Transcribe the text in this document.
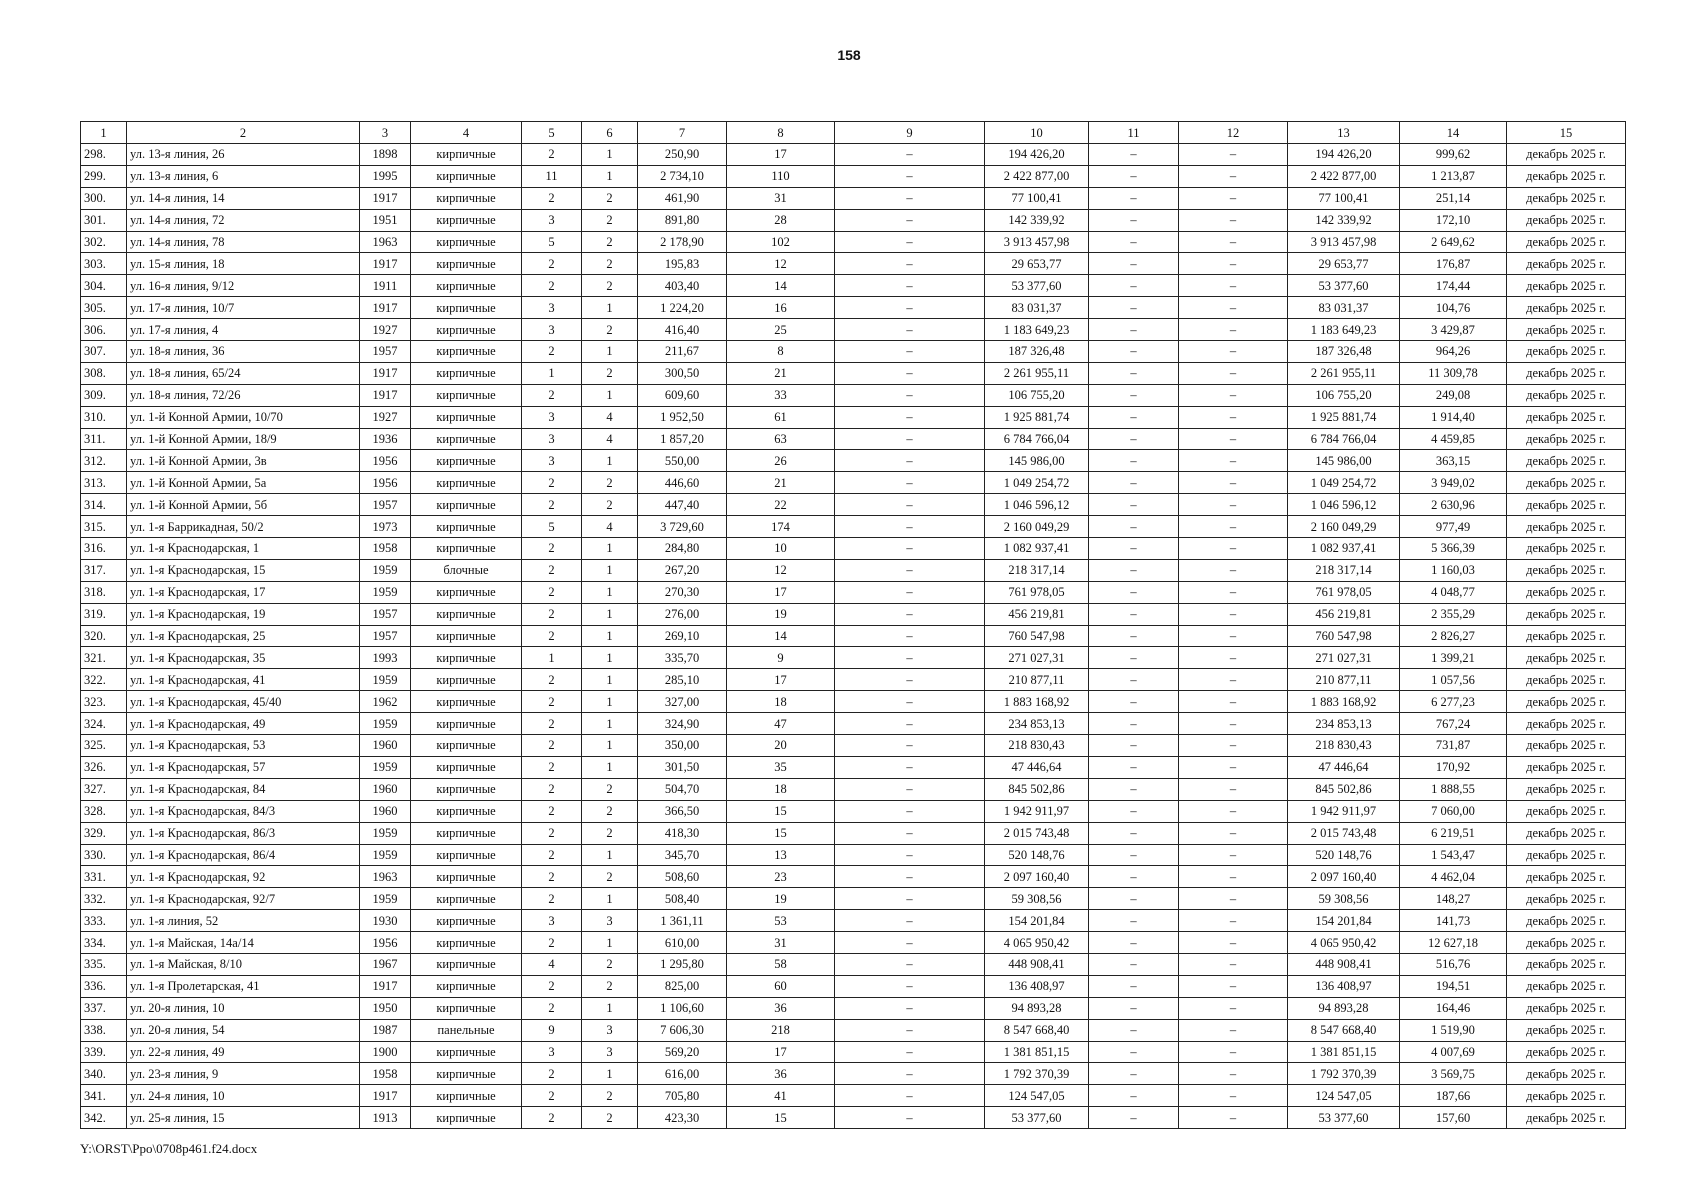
158
1	2	3	4	5	6	7	8	9	10	11	12	13	14	15
298.	ул. 13-я линия, 26	1898	кирпичные	2	1	250,90	17	–	194 426,20	–	–	194 426,20	999,62	декабрь 2025 г.
299.	ул. 13-я линия, 6	1995	кирпичные	11	1	2 734,10	110	–	2 422 877,00	–	–	2 422 877,00	1 213,87	декабрь 2025 г.
300.	ул. 14-я линия, 14	1917	кирпичные	2	2	461,90	31	–	77 100,41	–	–	77 100,41	251,14	декабрь 2025 г.
301.	ул. 14-я линия, 72	1951	кирпичные	3	2	891,80	28	–	142 339,92	–	–	142 339,92	172,10	декабрь 2025 г.
302.	ул. 14-я линия, 78	1963	кирпичные	5	2	2 178,90	102	–	3 913 457,98	–	–	3 913 457,98	2 649,62	декабрь 2025 г.
303.	ул. 15-я линия, 18	1917	кирпичные	2	2	195,83	12	–	29 653,77	–	–	29 653,77	176,87	декабрь 2025 г.
304.	ул. 16-я линия, 9/12	1911	кирпичные	2	2	403,40	14	–	53 377,60	–	–	53 377,60	174,44	декабрь 2025 г.
305.	ул. 17-я линия, 10/7	1917	кирпичные	3	1	1 224,20	16	–	83 031,37	–	–	83 031,37	104,76	декабрь 2025 г.
306.	ул. 17-я линия, 4	1927	кирпичные	3	2	416,40	25	–	1 183 649,23	–	–	1 183 649,23	3 429,87	декабрь 2025 г.
307.	ул. 18-я линия, 36	1957	кирпичные	2	1	211,67	8	–	187 326,48	–	–	187 326,48	964,26	декабрь 2025 г.
308.	ул. 18-я линия, 65/24	1917	кирпичные	1	2	300,50	21	–	2 261 955,11	–	–	2 261 955,11	11 309,78	декабрь 2025 г.
309.	ул. 18-я линия, 72/26	1917	кирпичные	2	1	609,60	33	–	106 755,20	–	–	106 755,20	249,08	декабрь 2025 г.
310.	ул. 1-й Конной Армии, 10/70	1927	кирпичные	3	4	1 952,50	61	–	1 925 881,74	–	–	1 925 881,74	1 914,40	декабрь 2025 г.
311.	ул. 1-й Конной Армии, 18/9	1936	кирпичные	3	4	1 857,20	63	–	6 784 766,04	–	–	6 784 766,04	4 459,85	декабрь 2025 г.
312.	ул. 1-й Конной Армии, 3в	1956	кирпичные	3	1	550,00	26	–	145 986,00	–	–	145 986,00	363,15	декабрь 2025 г.
313.	ул. 1-й Конной Армии, 5а	1956	кирпичные	2	2	446,60	21	–	1 049 254,72	–	–	1 049 254,72	3 949,02	декабрь 2025 г.
314.	ул. 1-й Конной Армии, 5б	1957	кирпичные	2	2	447,40	22	–	1 046 596,12	–	–	1 046 596,12	2 630,96	декабрь 2025 г.
315.	ул. 1-я Баррикадная, 50/2	1973	кирпичные	5	4	3 729,60	174	–	2 160 049,29	–	–	2 160 049,29	977,49	декабрь 2025 г.
316.	ул. 1-я Краснодарская, 1	1958	кирпичные	2	1	284,80	10	–	1 082 937,41	–	–	1 082 937,41	5 366,39	декабрь 2025 г.
317.	ул. 1-я Краснодарская, 15	1959	блочные	2	1	267,20	12	–	218 317,14	–	–	218 317,14	1 160,03	декабрь 2025 г.
318.	ул. 1-я Краснодарская, 17	1959	кирпичные	2	1	270,30	17	–	761 978,05	–	–	761 978,05	4 048,77	декабрь 2025 г.
319.	ул. 1-я Краснодарская, 19	1957	кирпичные	2	1	276,00	19	–	456 219,81	–	–	456 219,81	2 355,29	декабрь 2025 г.
320.	ул. 1-я Краснодарская, 25	1957	кирпичные	2	1	269,10	14	–	760 547,98	–	–	760 547,98	2 826,27	декабрь 2025 г.
321.	ул. 1-я Краснодарская, 35	1993	кирпичные	1	1	335,70	9	–	271 027,31	–	–	271 027,31	1 399,21	декабрь 2025 г.
322.	ул. 1-я Краснодарская, 41	1959	кирпичные	2	1	285,10	17	–	210 877,11	–	–	210 877,11	1 057,56	декабрь 2025 г.
323.	ул. 1-я Краснодарская, 45/40	1962	кирпичные	2	1	327,00	18	–	1 883 168,92	–	–	1 883 168,92	6 277,23	декабрь 2025 г.
324.	ул. 1-я Краснодарская, 49	1959	кирпичные	2	1	324,90	47	–	234 853,13	–	–	234 853,13	767,24	декабрь 2025 г.
325.	ул. 1-я Краснодарская, 53	1960	кирпичные	2	1	350,00	20	–	218 830,43	–	–	218 830,43	731,87	декабрь 2025 г.
326.	ул. 1-я Краснодарская, 57	1959	кирпичные	2	1	301,50	35	–	47 446,64	–	–	47 446,64	170,92	декабрь 2025 г.
327.	ул. 1-я Краснодарская, 84	1960	кирпичные	2	2	504,70	18	–	845 502,86	–	–	845 502,86	1 888,55	декабрь 2025 г.
328.	ул. 1-я Краснодарская, 84/3	1960	кирпичные	2	2	366,50	15	–	1 942 911,97	–	–	1 942 911,97	7 060,00	декабрь 2025 г.
329.	ул. 1-я Краснодарская, 86/3	1959	кирпичные	2	2	418,30	15	–	2 015 743,48	–	–	2 015 743,48	6 219,51	декабрь 2025 г.
330.	ул. 1-я Краснодарская, 86/4	1959	кирпичные	2	1	345,70	13	–	520 148,76	–	–	520 148,76	1 543,47	декабрь 2025 г.
331.	ул. 1-я Краснодарская, 92	1963	кирпичные	2	2	508,60	23	–	2 097 160,40	–	–	2 097 160,40	4 462,04	декабрь 2025 г.
332.	ул. 1-я Краснодарская, 92/7	1959	кирпичные	2	1	508,40	19	–	59 308,56	–	–	59 308,56	148,27	декабрь 2025 г.
333.	ул. 1-я линия, 52	1930	кирпичные	3	3	1 361,11	53	–	154 201,84	–	–	154 201,84	141,73	декабрь 2025 г.
334.	ул. 1-я Майская, 14а/14	1956	кирпичные	2	1	610,00	31	–	4 065 950,42	–	–	4 065 950,42	12 627,18	декабрь 2025 г.
335.	ул. 1-я Майская, 8/10	1967	кирпичные	4	2	1 295,80	58	–	448 908,41	–	–	448 908,41	516,76	декабрь 2025 г.
336.	ул. 1-я Пролетарская, 41	1917	кирпичные	2	2	825,00	60	–	136 408,97	–	–	136 408,97	194,51	декабрь 2025 г.
337.	ул. 20-я линия, 10	1950	кирпичные	2	1	1 106,60	36	–	94 893,28	–	–	94 893,28	164,46	декабрь 2025 г.
338.	ул. 20-я линия, 54	1987	панельные	9	3	7 606,30	218	–	8 547 668,40	–	–	8 547 668,40	1 519,90	декабрь 2025 г.
339.	ул. 22-я линия, 49	1900	кирпичные	3	3	569,20	17	–	1 381 851,15	–	–	1 381 851,15	4 007,69	декабрь 2025 г.
340.	ул. 23-я линия, 9	1958	кирпичные	2	1	616,00	36	–	1 792 370,39	–	–	1 792 370,39	3 569,75	декабрь 2025 г.
341.	ул. 24-я линия, 10	1917	кирпичные	2	2	705,80	41	–	124 547,05	–	–	124 547,05	187,66	декабрь 2025 г.
342.	ул. 25-я линия, 15	1913	кирпичные	2	2	423,30	15	–	53 377,60	–	–	53 377,60	157,60	декабрь 2025 г.
Y:\ORST\Ppo\0708p461.f24.docx
